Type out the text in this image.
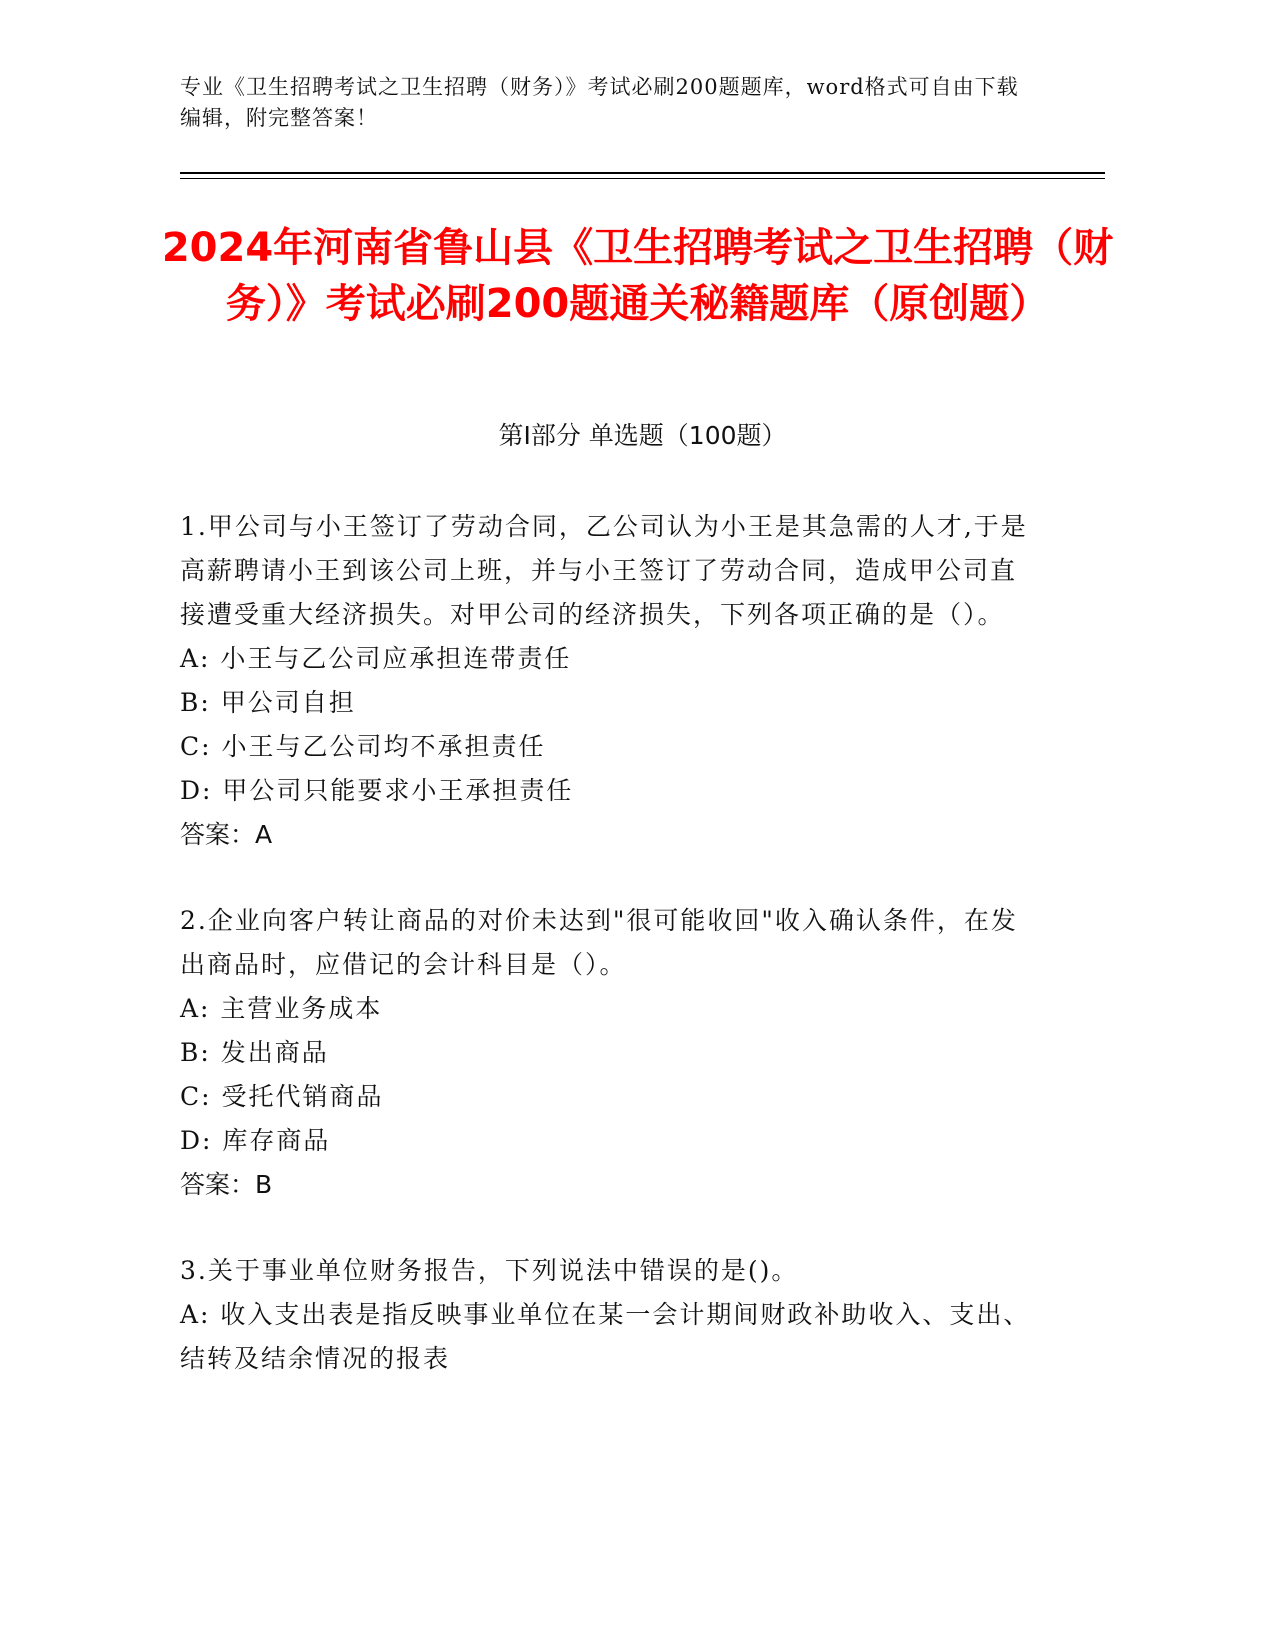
专业《卫生招聘考试之卫生招聘（财务）》考试必刷200题题库，word格式可自由下载编辑，附完整答案！
2024年河南省鲁山县《卫生招聘考试之卫生招聘（财务）》考试必刷200题通关秘籍题库（原创题）
第I部分 单选题（100题）
1.甲公司与小王签订了劳动合同，乙公司认为小王是其急需的人才,于是高薪聘请小王到该公司上班，并与小王签订了劳动合同，造成甲公司直接遭受重大经济损失。对甲公司的经济损失，下列各项正确的是（）。
A: 小王与乙公司应承担连带责任
B: 甲公司自担
C: 小王与乙公司均不承担责任
D: 甲公司只能要求小王承担责任
答案：A
2.企业向客户转让商品的对价未达到"很可能收回"收入确认条件，在发出商品时，应借记的会计科目是（）。
A: 主营业务成本
B: 发出商品
C: 受托代销商品
D: 库存商品
答案：B
3.关于事业单位财务报告，下列说法中错误的是()。
A: 收入支出表是指反映事业单位在某一会计期间财政补助收入、支出、结转及结余情况的报表
